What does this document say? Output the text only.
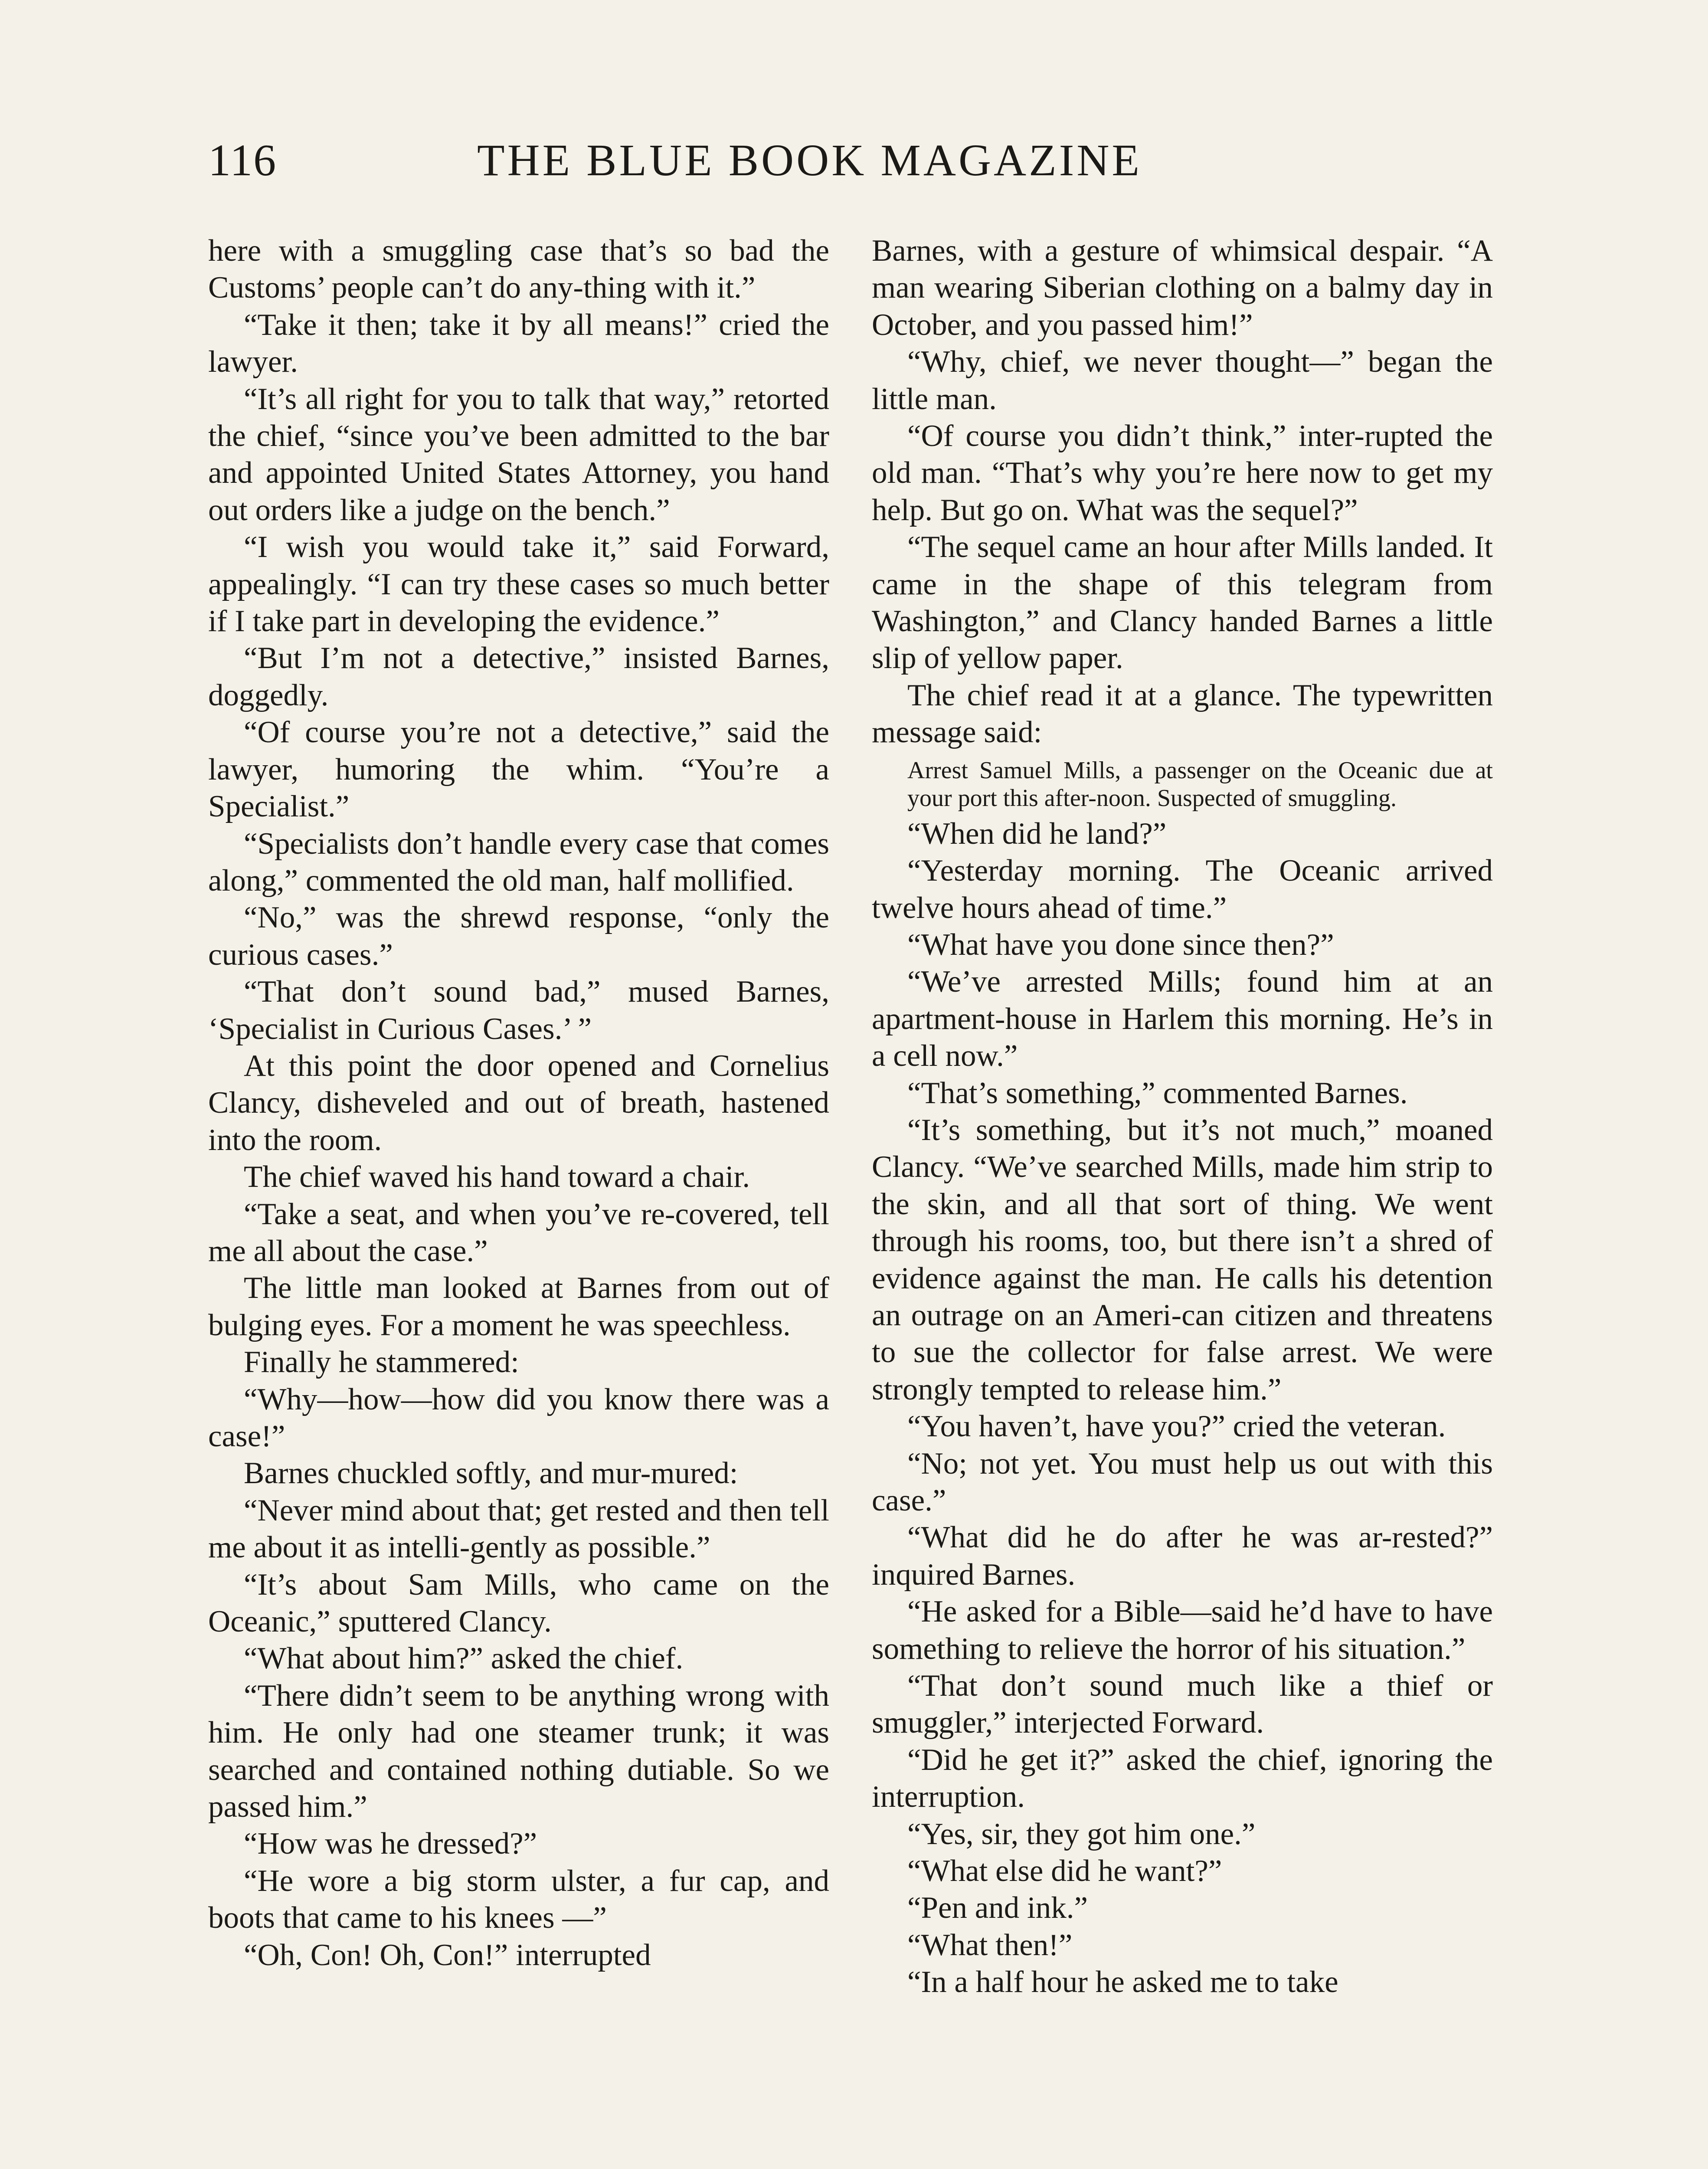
116	THE BLUE BOOK MAGAZINE

here with a smuggling case that’s so bad the Customs’ people can’t do any-thing with it.”

“Take it then; take it by all means!” cried the lawyer.

“It’s all right for you to talk that way,” retorted the chief, “since you’ve been admitted to the bar and appointed United States Attorney, you hand out orders like a judge on the bench.”

“I wish you would take it,” said Forward, appealingly. “I can try these cases so much better if I take part in developing the evidence.”

“But I’m not a detective,” insisted Barnes, doggedly.

“Of course you’re not a detective,” said the lawyer, humoring the whim. “You’re a Specialist.”

“Specialists don’t handle every case that comes along,” commented the old man, half mollified.

“No,” was the shrewd response, “only the curious cases.”

“That don’t sound bad,” mused Barnes, ‘Specialist in Curious Cases.’ ”

At this point the door opened and Cornelius Clancy, disheveled and out of breath, hastened into the room.

The chief waved his hand toward a chair.

“Take a seat, and when you’ve re-covered, tell me all about the case.”

The little man looked at Barnes from out of bulging eyes. For a moment he was speechless.

Finally he stammered:

“Why—how—how did you know there was a case!”

Barnes chuckled softly, and mur-mured:

“Never mind about that; get rested and then tell me about it as intelli-gently as possible.”

“It’s about Sam Mills, who came on the Oceanic,” sputtered Clancy.

“What about him?” asked the chief.

“There didn’t seem to be anything wrong with him. He only had one steamer trunk; it was searched and contained nothing dutiable. So we passed him.”

“How was he dressed?”

“He wore a big storm ulster, a fur cap, and boots that came to his knees —”

“Oh, Con! Oh, Con!” interrupted

Barnes, with a gesture of whimsical despair. “A man wearing Siberian clothing on a balmy day in October, and you passed him!”

“Why, chief, we never thought—” began the little man.

“Of course you didn’t think,” inter-rupted the old man. “That’s why you’re here now to get my help. But go on. What was the sequel?”

“The sequel came an hour after Mills landed. It came in the shape of this telegram from Washington,” and Clancy handed Barnes a little slip of yellow paper.

The chief read it at a glance. The typewritten message said:

Arrest Samuel Mills, a passenger on the Oceanic due at your port this after-noon. Suspected of smuggling.

“When did he land?”

“Yesterday morning. The Oceanic arrived twelve hours ahead of time.”

“What have you done since then?”

“We’ve arrested Mills; found him at an apartment-house in Harlem this morning. He’s in a cell now.”

“That’s something,” commented Barnes.

“It’s something, but it’s not much,” moaned Clancy. “We’ve searched Mills, made him strip to the skin, and all that sort of thing. We went through his rooms, too, but there isn’t a shred of evidence against the man. He calls his detention an outrage on an Ameri-can citizen and threatens to sue the collector for false arrest. We were strongly tempted to release him.”

“You haven’t, have you?” cried the veteran.

“No; not yet. You must help us out with this case.”

“What did he do after he was ar-rested?” inquired Barnes.

“He asked for a Bible—said he’d have to have something to relieve the horror of his situation.”

“That don’t sound much like a thief or smuggler,” interjected Forward.

“Did he get it?” asked the chief, ignoring the interruption.

“Yes, sir, they got him one.”

“What else did he want?”

“Pen and ink.”

“What then!”

“In a half hour he asked me to take
